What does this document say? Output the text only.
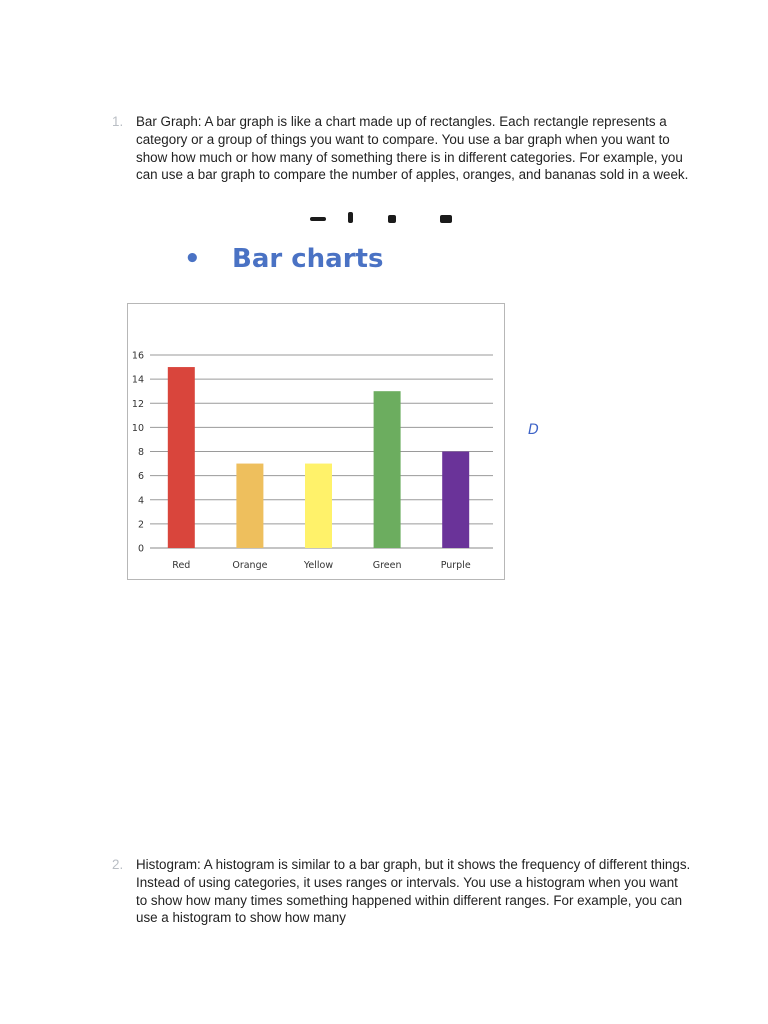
1. Bar Graph: A bar graph is like a chart made up of rectangles. Each rectangle represents a category or a group of things you want to compare. You use a bar graph when you want to show how much or how many of something there is in different categories. For example, you can use a bar graph to compare the number of apples, oranges, and bananas sold in a week.
•	Bar charts
0
2
4
6
8
10
12
14
16
Red	Orange	Yellow	Green	Purple
D
2. Histogram: A histogram is similar to a bar graph, but it shows the frequency of different things. Instead of using categories, it uses ranges or intervals. You use a histogram when you want to show how many times something happened within different ranges. For example, you can use a histogram to show how many
